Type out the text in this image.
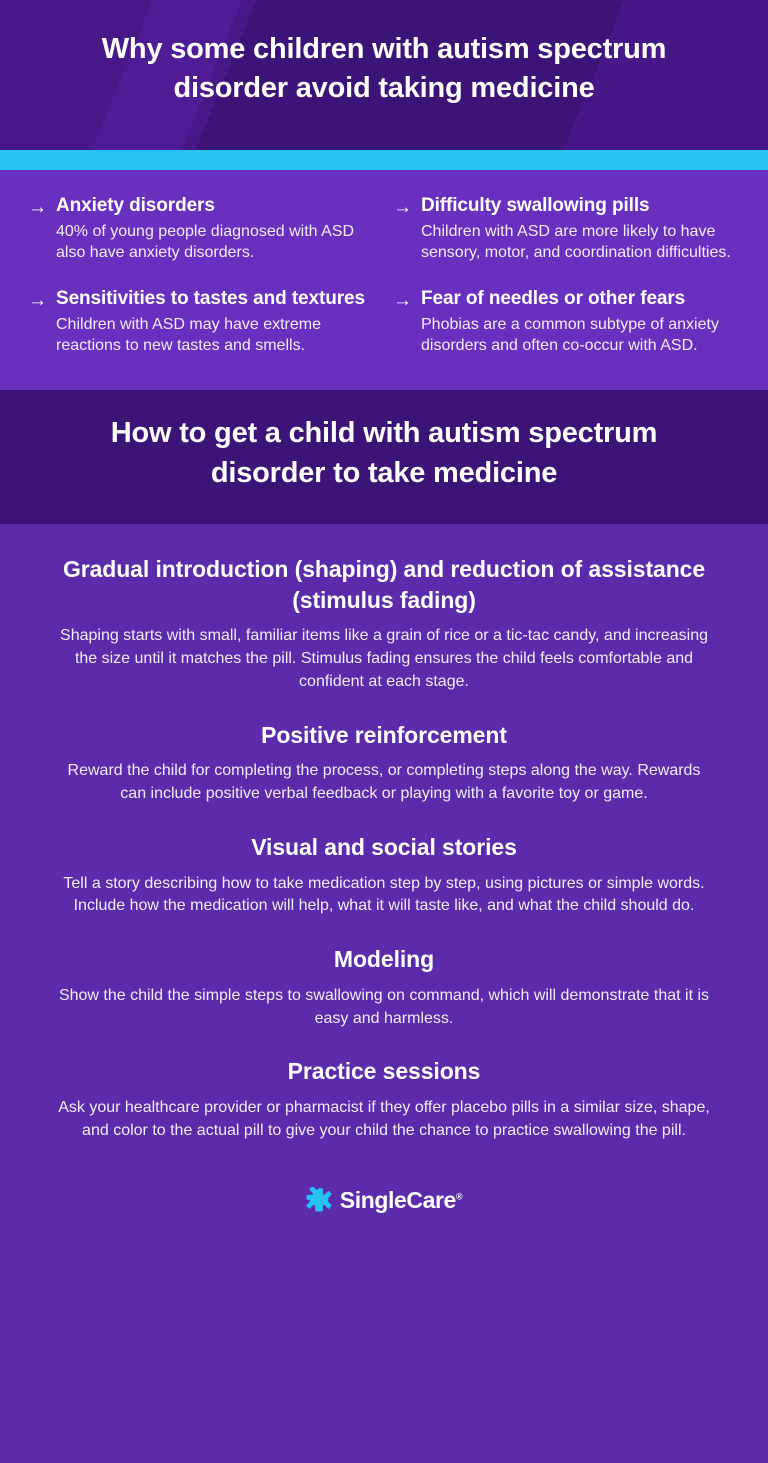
Why some children with autism spectrum disorder avoid taking medicine
→ Anxiety disorders

40% of young people diagnosed with ASD also have anxiety disorders.

→ Difficulty swallowing pills

Children with ASD are more likely to have sensory, motor, and coordination difficulties.

→ Sensitivities to tastes and textures

Children with ASD may have extreme reactions to new tastes and smells.

→ Fear of needles or other fears

Phobias are a common subtype of anxiety disorders and often co-occur with ASD.

How to get a child with autism spectrum disorder to take medicine
Gradual introduction (shaping) and reduction of assistance (stimulus fading)

Shaping starts with small, familiar items like a grain of rice or a tic-tac candy, and increasing the size until it matches the pill. Stimulus fading ensures the child feels comfortable and confident at each stage.

Positive reinforcement

Reward the child for completing the process, or completing steps along the way. Rewards can include positive verbal feedback or playing with a favorite toy or game.

Visual and social stories

Tell a story describing how to take medication step by step, using pictures or simple words. Include how the medication will help, what it will taste like, and what the child should do.

Modeling

Show the child the simple steps to swallowing on command, which will demonstrate that it is easy and harmless.

Practice sessions

Ask your healthcare provider or pharmacist if they offer placebo pills in a similar size, shape, and color to the actual pill to give your child the chance to practice swallowing the pill.

SingleCare®
